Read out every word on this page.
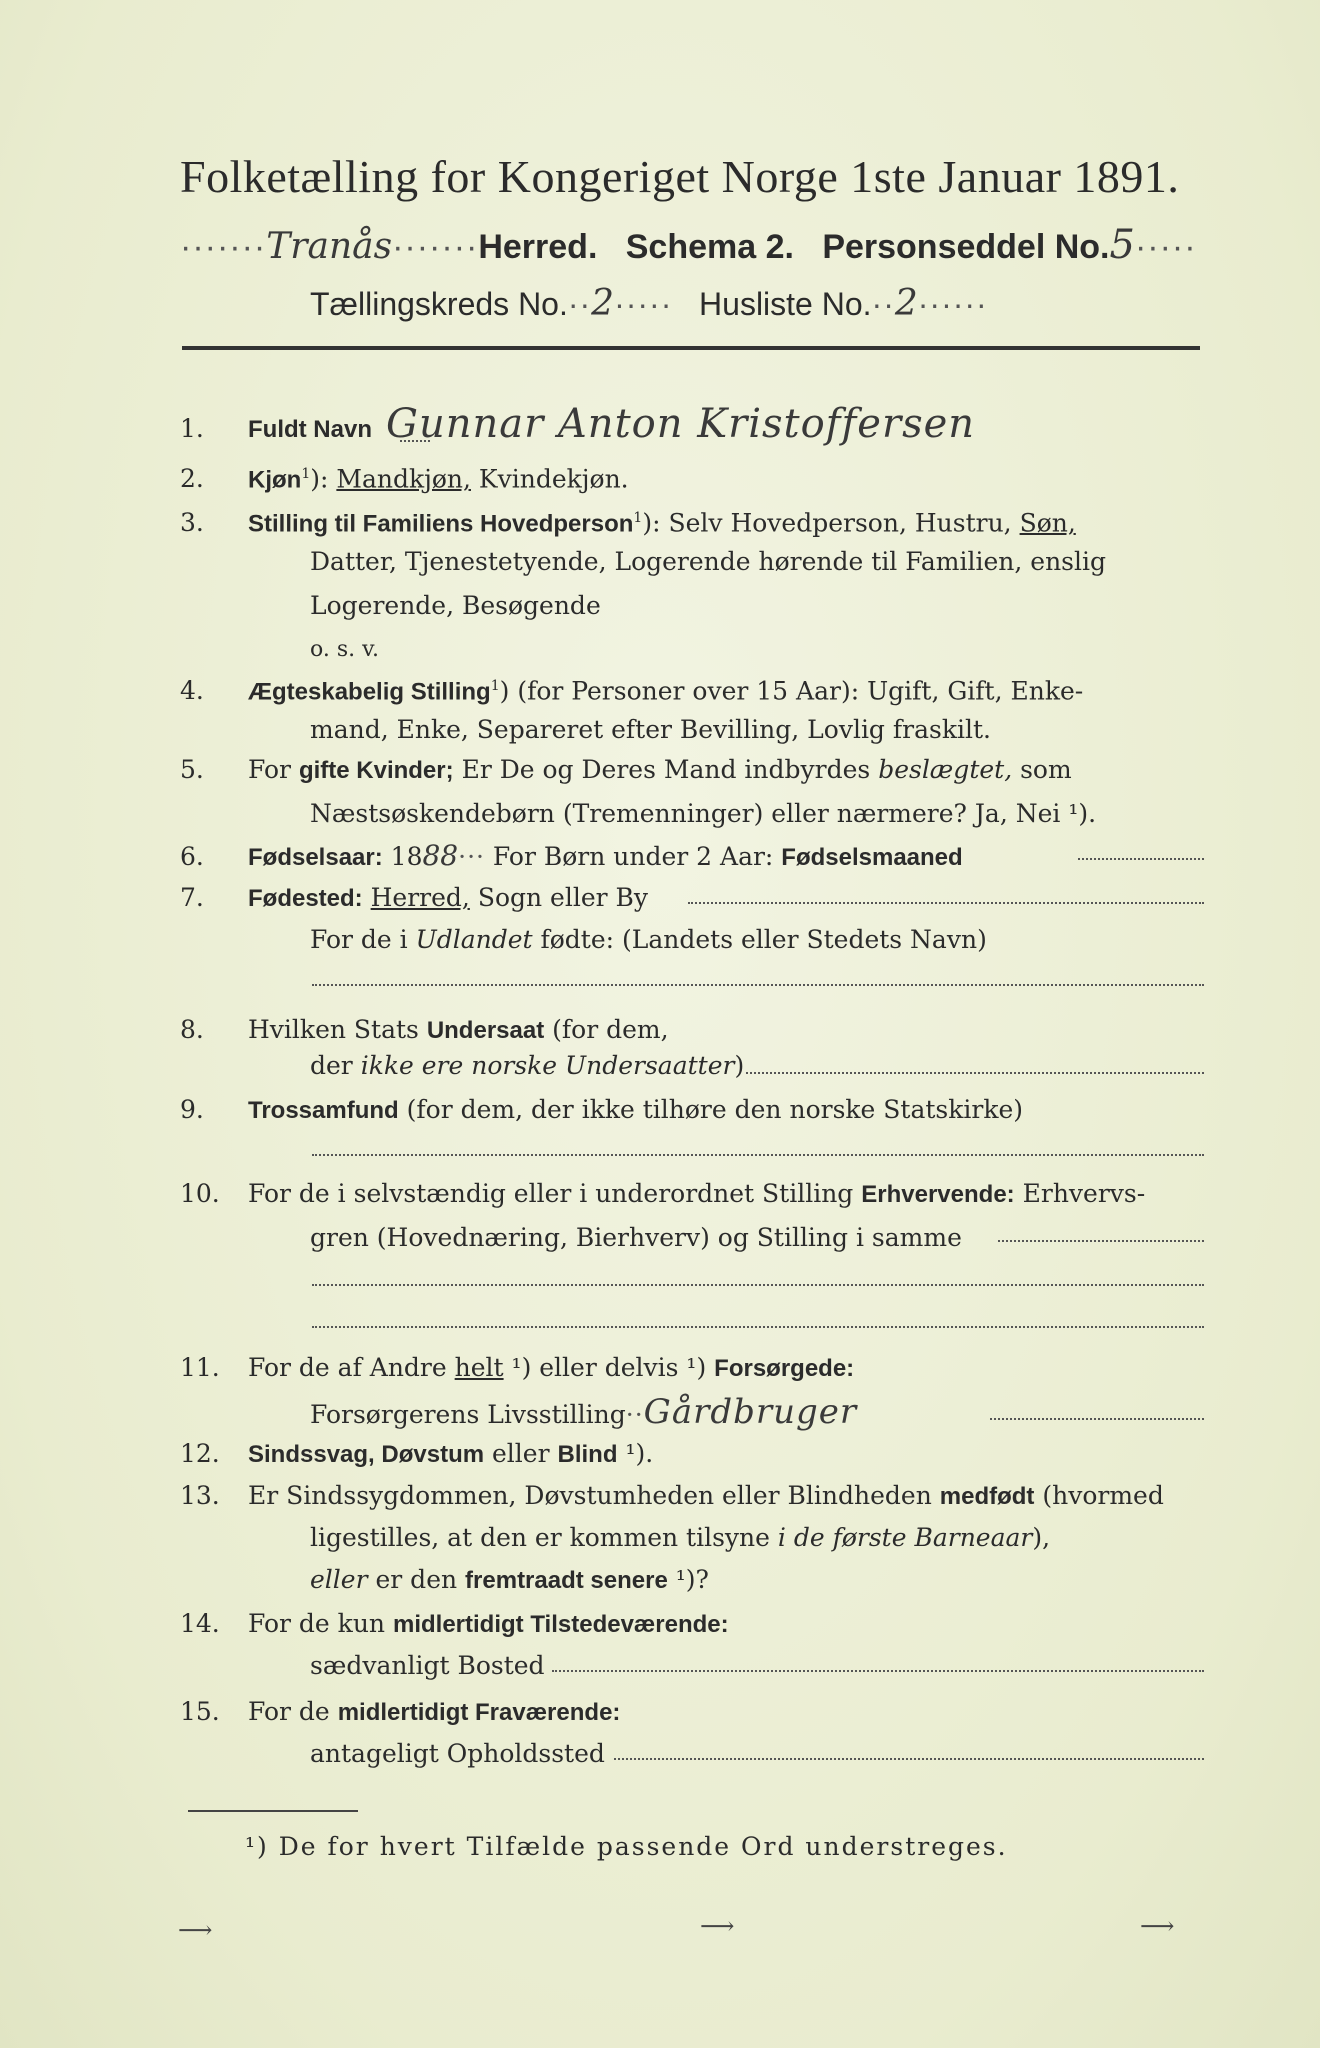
Folketælling for Kongeriget Norge 1ste Januar 1891.
·······Tranås·······Herred. Schema 2. Personseddel No.5·····
Tællingskreds No.··2····· Husliste No.··2······
1. Fuldt Navn Gunnar Anton Kristoffersen
2. Kjøn$^1$): Mandkjøn, Kvindekjøn.
3. Stilling til Familiens Hovedperson$^1$): Selv Hovedperson, Hustru, Søn,
Datter, Tjenestetyende, Logerende hørende til Familien, enslig
Logerende, Besøgende
o. s. v.
4. Ægteskabelig Stilling$^1$) (for Personer over 15 Aar): Ugift, Gift, Enke-
mand, Enke, Separeret efter Bevilling, Lovlig fraskilt.
5. For gifte Kvinder; Er De og Deres Mand indbyrdes beslægtet, som
Næstsøskendebørn (Tremenninger) eller nærmere? Ja, Nei ¹).
6. Fødselsaar: 1888··· For Børn under 2 Aar: Fødselsmaaned
7. Fødested: Herred, Sogn eller By
For de i Udlandet fødte: (Landets eller Stedets Navn)
8. Hvilken Stats Undersaat (for dem,
der ikke ere norske Undersaatter)
9. Trossamfund (for dem, der ikke tilhøre den norske Statskirke)
10. For de i selvstændig eller i underordnet Stilling Erhvervende: Erhvervs-
gren (Hovednæring, Bierhverv) og Stilling i samme
11. For de af Andre helt ¹) eller delvis ¹) Forsørgede:
Forsørgerens Livsstilling··Gårdbruger
12. Sindssvag, Døvstum eller Blind ¹).
13. Er Sindssygdommen, Døvstumheden eller Blindheden medfødt (hvormed
ligestilles, at den er kommen tilsyne i de første Barneaar),
eller er den fremtraadt senere ¹)?
14. For de kun midlertidigt Tilstedeværende:
sædvanligt Bosted
15. For de midlertidigt Fraværende:
antageligt Opholdssted
¹) De for hvert Tilfælde passende Ord understreges.
⟶	⟶	⟶
